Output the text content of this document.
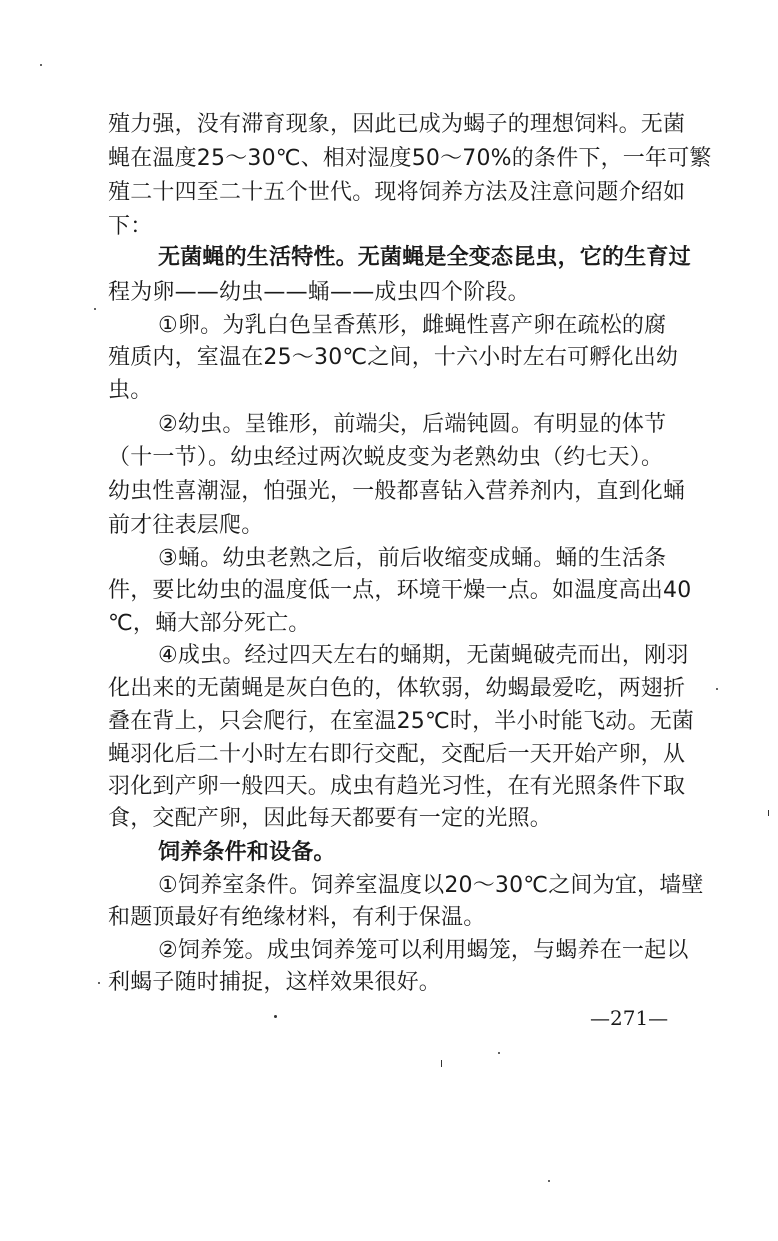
殖力强，没有滞育现象，因此已成为蝎子的理想饲料。无菌
蝇在温度25～30℃、相对湿度50～70%的条件下，一年可繁
殖二十四至二十五个世代。现将饲养方法及注意问题介绍如
下：
无菌蝇的生活特性。无菌蝇是全变态昆虫，它的生育过
程为卵——幼虫——蛹——成虫四个阶段。
①卵。为乳白色呈香蕉形，雌蝇性喜产卵在疏松的腐
殖质内，室温在25～30℃之间，十六小时左右可孵化出幼
虫。
②幼虫。呈锥形，前端尖，后端钝圆。有明显的体节
（十一节）。幼虫经过两次蜕皮变为老熟幼虫（约七天）。
幼虫性喜潮湿，怕强光，一般都喜钻入营养剂内，直到化蛹
前才往表层爬。
③蛹。幼虫老熟之后，前后收缩变成蛹。蛹的生活条
件，要比幼虫的温度低一点，环境干燥一点。如温度高出40
℃，蛹大部分死亡。
④成虫。经过四天左右的蛹期，无菌蝇破壳而出，刚羽
化出来的无菌蝇是灰白色的，体软弱，幼蝎最爱吃，两翅折
叠在背上，只会爬行，在室温25℃时，半小时能飞动。无菌
蝇羽化后二十小时左右即行交配，交配后一天开始产卵，从
羽化到产卵一般四天。成虫有趋光习性，在有光照条件下取
食，交配产卵，因此每天都要有一定的光照。
饲养条件和设备。
①饲养室条件。饲养室温度以20～30℃之间为宜，墙壁
和题顶最好有绝缘材料，有利于保温。
②饲养笼。成虫饲养笼可以利用蝎笼，与蝎养在一起以
利蝎子随时捕捉，这样效果很好。
—271—
